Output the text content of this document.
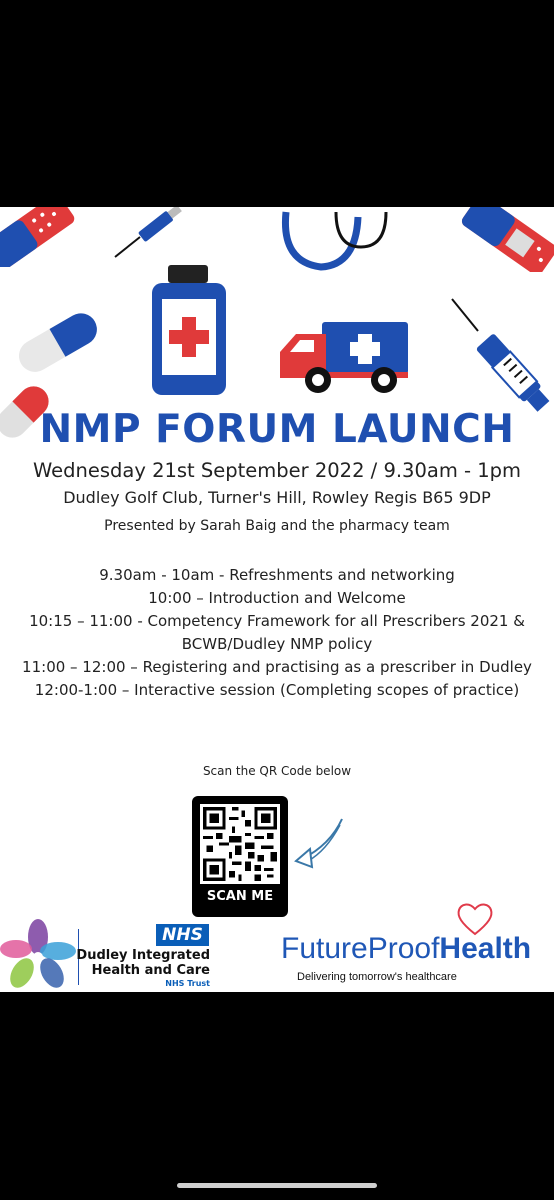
NMP FORUM LAUNCH
Wednesday 21st September 2022 / 9.30am - 1pm
Dudley Golf Club, Turner's Hill, Rowley Regis B65 9DP
Presented by Sarah Baig and the pharmacy team
9.30am - 10am - Refreshments and networking
10:00 – Introduction and Welcome
10:15 – 11:00 - Competency Framework for all Prescribers 2021 &
BCWB/Dudley NMP policy
11:00 – 12:00 – Registering and practising as a prescriber in Dudley
12:00-1:00 – Interactive session (Completing scopes of practice)
Scan the QR Code below
SCAN ME
NHS
Dudley Integrated
Health and Care
NHS Trust
FutureProofHealth
Delivering tomorrow's healthcare
